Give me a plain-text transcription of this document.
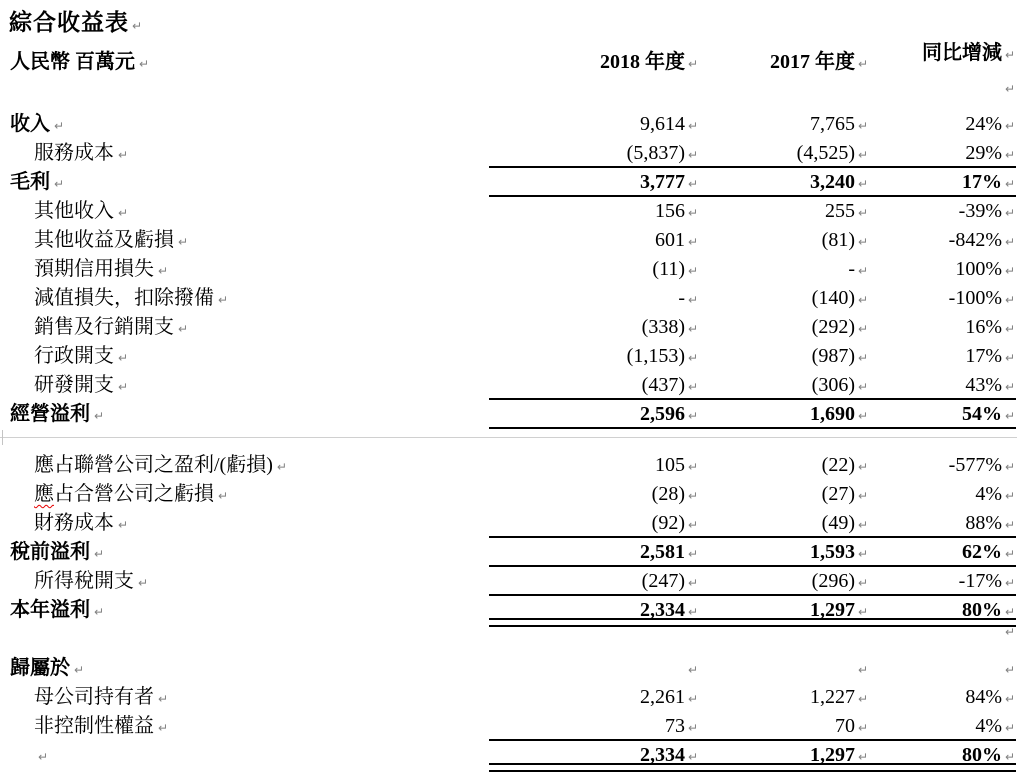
綜合收益表 ↵
人民幣 百萬元 ↵	2018 年度 ↵	2017 年度 ↵	同比增減 ↵
↵
收入 ↵	9,614 ↵	7,765 ↵	24% ↵
服務成本 ↵	(5,837) ↵	(4,525) ↵	29% ↵
毛利 ↵	3,777 ↵	3,240 ↵	17% ↵
其他收入 ↵	156 ↵	255 ↵	-39% ↵
其他收益及虧損 ↵	601 ↵	(81) ↵	-842% ↵
預期信用損失 ↵	(11) ↵	- ↵	100% ↵
減值損失，扣除撥備 ↵	- ↵	(140) ↵	-100% ↵
銷售及行銷開支 ↵	(338) ↵	(292) ↵	16% ↵
行政開支 ↵	(1,153) ↵	(987) ↵	17% ↵
研發開支 ↵	(437) ↵	(306) ↵	43% ↵
經營溢利 ↵	2,596 ↵	1,690 ↵	54% ↵
應占聯營公司之盈利/(虧損) ↵	105 ↵	(22) ↵	-577% ↵
應占合營公司之虧損 ↵	(28) ↵	(27) ↵	4% ↵
財務成本 ↵	(92) ↵	(49) ↵	88% ↵
稅前溢利 ↵	2,581 ↵	1,593 ↵	62% ↵
所得稅開支 ↵	(247) ↵	(296) ↵	-17% ↵
本年溢利 ↵	2,334 ↵	1,297 ↵	80% ↵
↵
歸屬於 ↵	↵	↵	↵
母公司持有者 ↵	2,261 ↵	1,227 ↵	84% ↵
非控制性權益 ↵	73 ↵	70 ↵	4% ↵
↵	2,334 ↵	1,297 ↵	80% ↵
